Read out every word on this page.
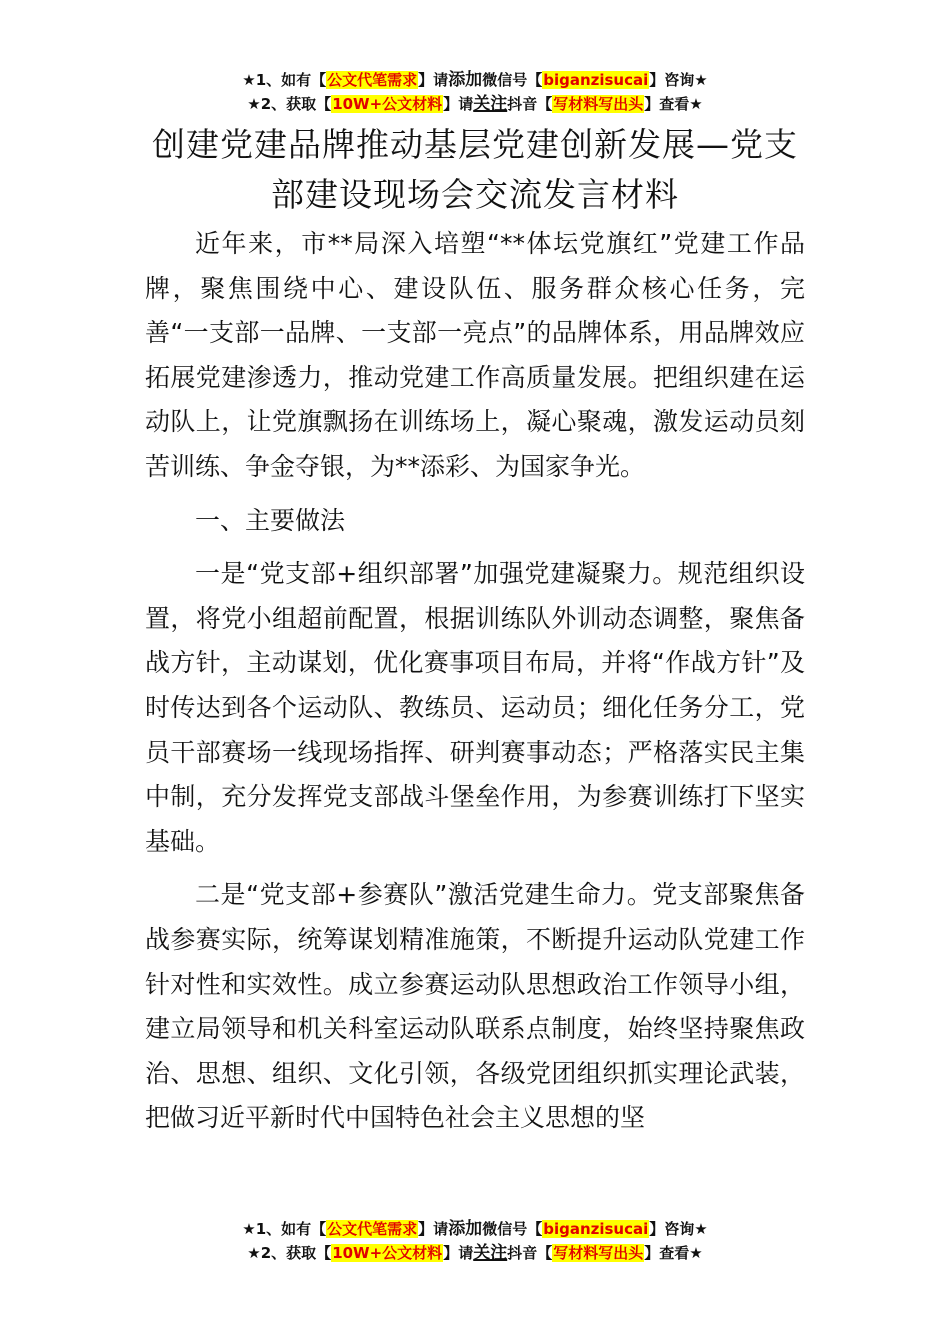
★1、如有【公文代笔需求】请添加微信号【biganzisucai】咨询★
★2、获取【10W+公文材料】请关注抖音【写材料写出头】查看★
创建党建品牌推动基层党建创新发展—党支
部建设现场会交流发言材料

近年来，市**局深入培塑“**体坛党旗红”党建工作品牌，聚焦围绕中心、建设队伍、服务群众核心任务，完善“一支部一品牌、一支部一亮点”的品牌体系，用品牌效应拓展党建渗透力，推动党建工作高质量发展。把组织建在运动队上，让党旗飘扬在训练场上，凝心聚魂，激发运动员刻苦训练、争金夺银，为**添彩、为国家争光。

一、主要做法

一是“党支部+组织部署”加强党建凝聚力。规范组织设置，将党小组超前配置，根据训练队外训动态调整，聚焦备战方针，主动谋划，优化赛事项目布局，并将“作战方针”及时传达到各个运动队、教练员、运动员；细化任务分工，党员干部赛场一线现场指挥、研判赛事动态；严格落实民主集中制，充分发挥党支部战斗堡垒作用，为参赛训练打下坚实基础。

二是“党支部+参赛队”激活党建生命力。党支部聚焦备战参赛实际，统筹谋划精准施策，不断提升运动队党建工作针对性和实效性。成立参赛运动队思想政治工作领导小组，建立局领导和机关科室运动队联系点制度，始终坚持聚焦政治、思想、组织、文化引领，各级党团组织抓实理论武装，把做习近平新时代中国特色社会主义思想的坚

★1、如有【公文代笔需求】请添加微信号【biganzisucai】咨询★
★2、获取【10W+公文材料】请关注抖音【写材料写出头】查看★
